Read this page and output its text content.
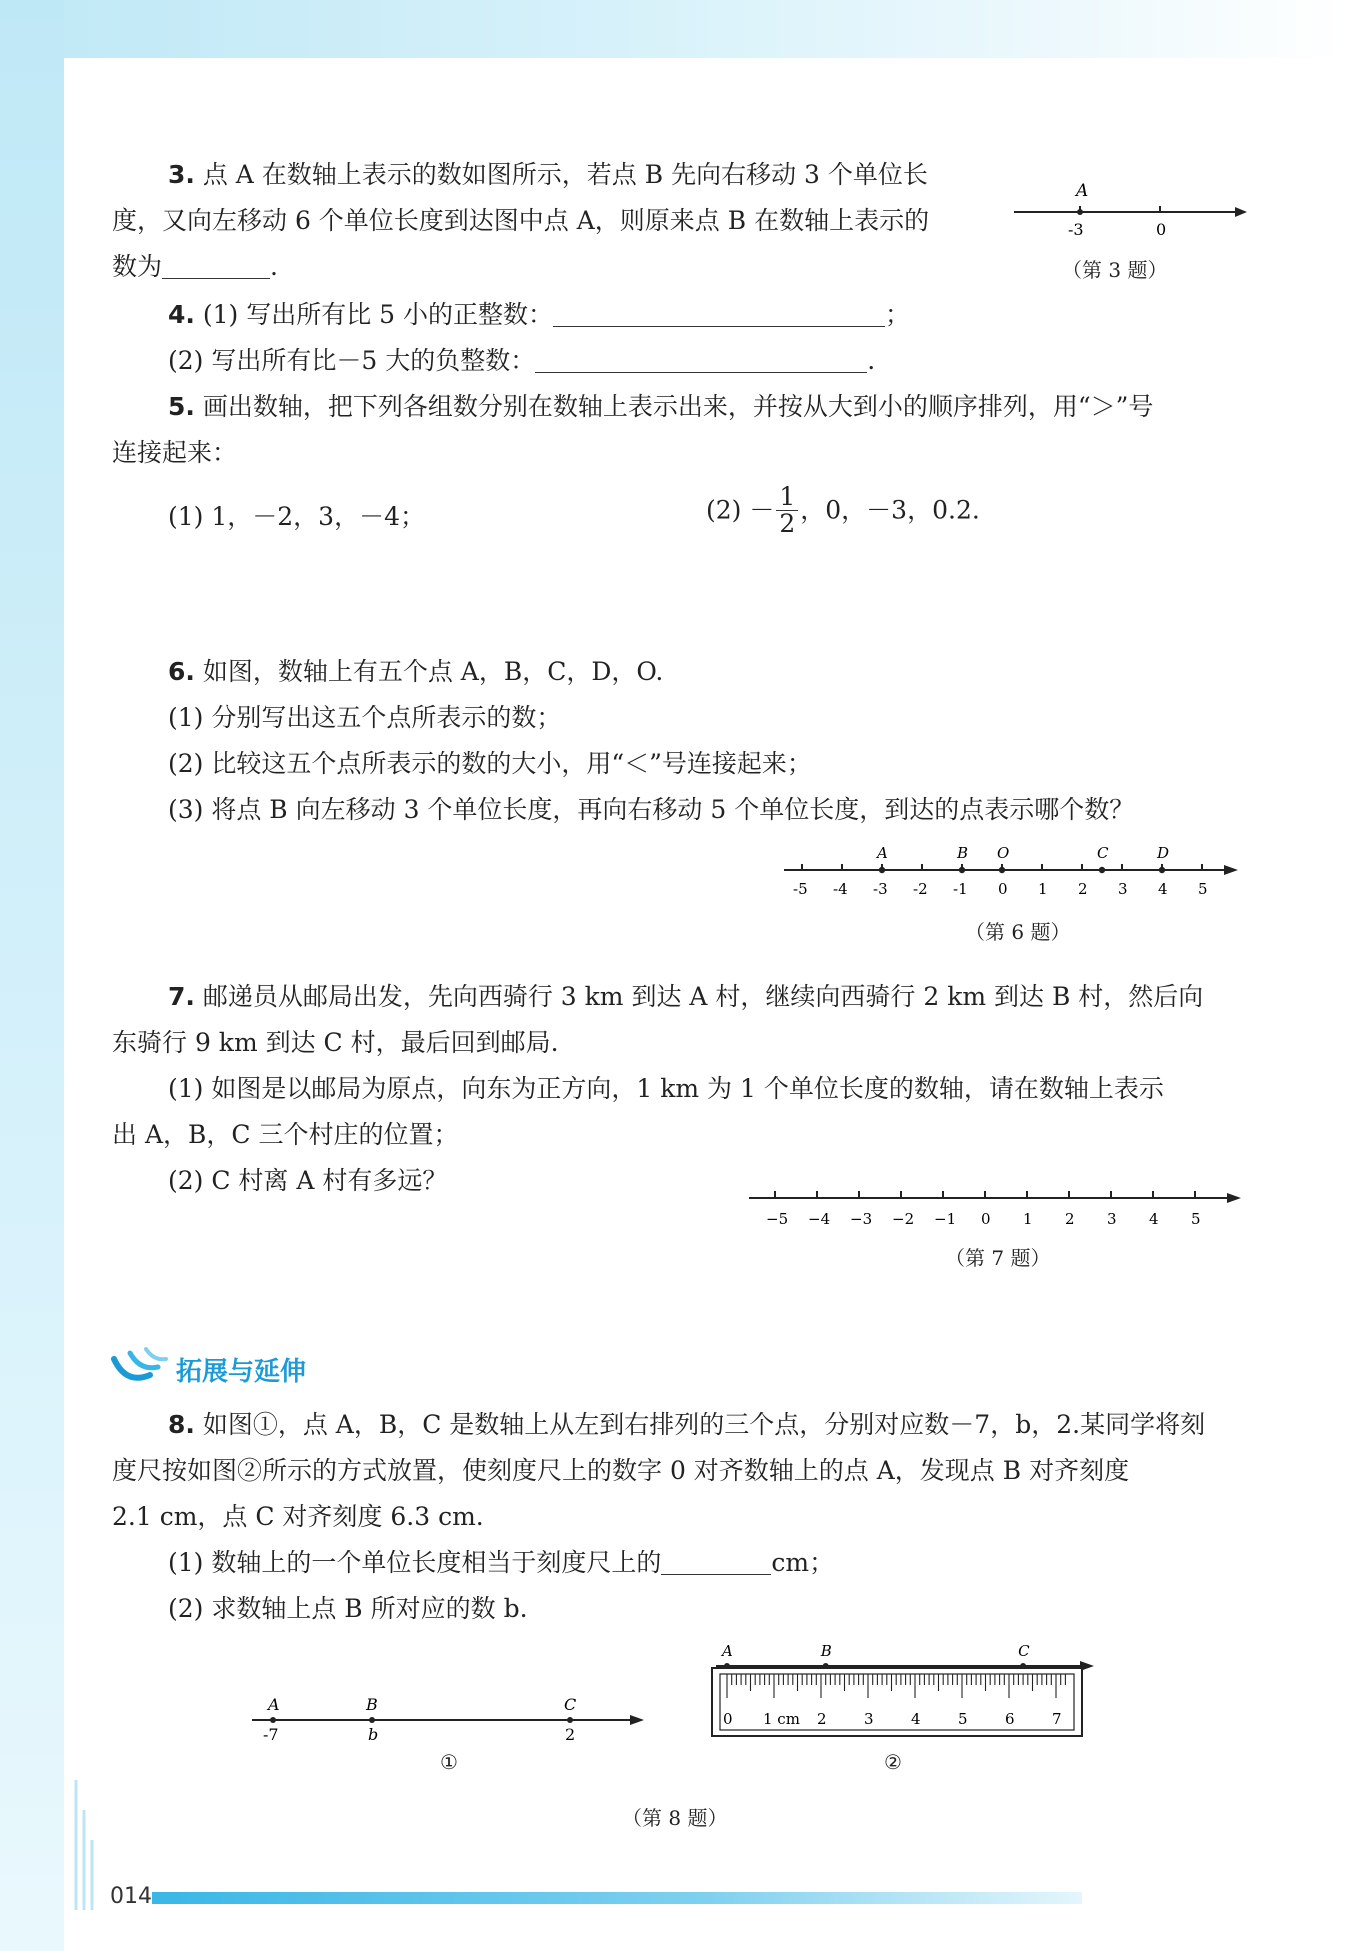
3. 点 A 在数轴上表示的数如图所示，若点 B 先向右移动 3 个单位长
度，又向左移动 6 个单位长度到达图中点 A，则原来点 B 在数轴上表示的
数为	.
A
-3	0
（第 3 题）
4. (1) 写出所有比 5 小的正整数：	；
(2) 写出所有比－5 大的负整数：	.
5. 画出数轴，把下列各组数分别在数轴上表示出来，并按从大到小的顺序排列，用“＞”号
连接起来：
(1) 1，－2，3，－4；	$(2) - \frac{1}{2}$ ，0，－3，0.2.
6. 如图，数轴上有五个点 A，B，C，D，O.
(1) 分别写出这五个点所表示的数；
(2) 比较这五个点所表示的数的大小，用“＜”号连接起来；
(3) 将点 B 向左移动 3 个单位长度，再向右移动 5 个单位长度，到达的点表示哪个数？
-5 -4 -3 -2 -1 0 1 2 3 4 5
A	B O	C	D
（第 6 题）
7. 邮递员从邮局出发，先向西骑行 3 km 到达 A 村，继续向西骑行 2 km 到达 B 村，然后向
东骑行 9 km 到达 C 村，最后回到邮局.
(1) 如图是以邮局为原点，向东为正方向，1 km 为 1 个单位长度的数轴，请在数轴上表示
出 A，B，C 三个村庄的位置；
(2) C 村离 A 村有多远？
−5 −4 −3 −2 −1 0 1 2 3 4 5
（第 7 题）
拓展与延伸
8. 如图①，点 A，B，C 是数轴上从左到右排列的三个点，分别对应数－7，b，2.某同学将刻
度尺按如图②所示的方式放置，使刻度尺上的数字 0 对齐数轴上的点 A，发现点 B 对齐刻度
2.1 cm，点 C 对齐刻度 6.3 cm.
(1) 数轴上的一个单位长度相当于刻度尺上的	cm；
(2) 求数轴上点 B 所对应的数 b.
A	B	C
-7	b	2
①
0 1 cm 2 3 4 5 6 7
A	B	C
②
（第 8 题）
014
